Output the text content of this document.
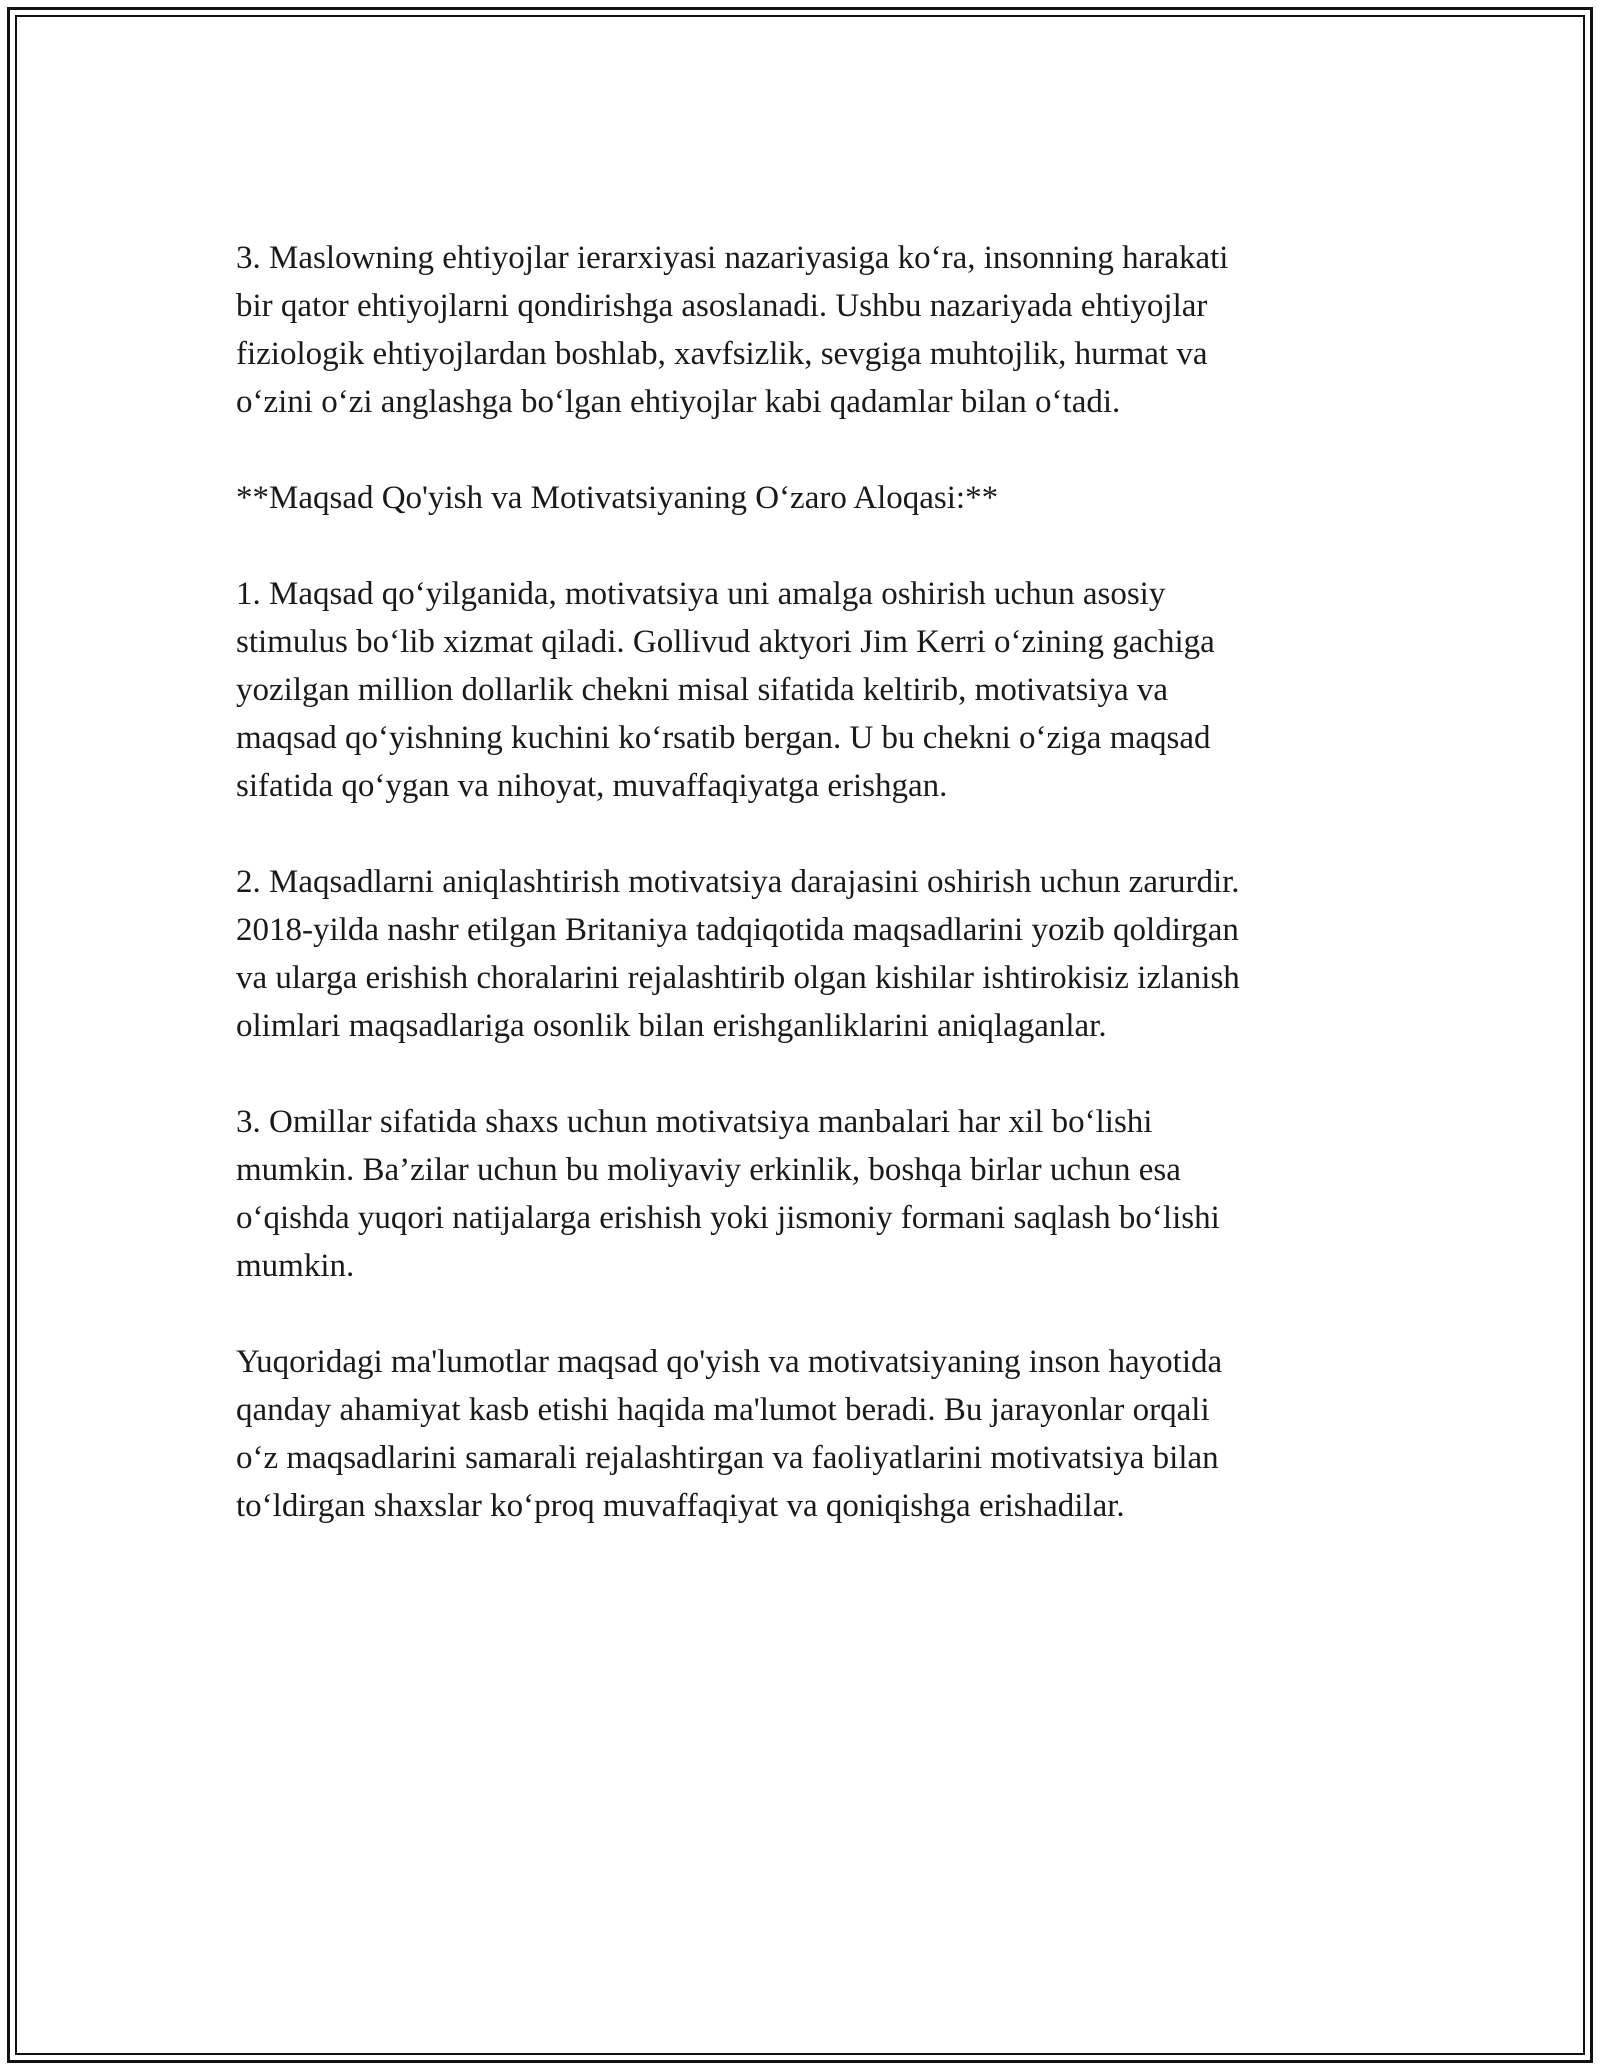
3. Maslowning ehtiyojlar ierarxiyasi nazariyasiga ko‘ra, insonning harakati
bir qator ehtiyojlarni qondirishga asoslanadi. Ushbu nazariyada ehtiyojlar
fiziologik ehtiyojlardan boshlab, xavfsizlik, sevgiga muhtojlik, hurmat va
o‘zini o‘zi anglashga bo‘lgan ehtiyojlar kabi qadamlar bilan o‘tadi.

**Maqsad Qo'yish va Motivatsiyaning O‘zaro Aloqasi:**

1. Maqsad qo‘yilganida, motivatsiya uni amalga oshirish uchun asosiy
stimulus bo‘lib xizmat qiladi. Gollivud aktyori Jim Kerri o‘zining gachiga
yozilgan million dollarlik chekni misal sifatida keltirib, motivatsiya va
maqsad qo‘yishning kuchini ko‘rsatib bergan. U bu chekni o‘ziga maqsad
sifatida qo‘ygan va nihoyat, muvaffaqiyatga erishgan.

2. Maqsadlarni aniqlashtirish motivatsiya darajasini oshirish uchun zarurdir.
2018-yilda nashr etilgan Britaniya tadqiqotida maqsadlarini yozib qoldirgan
va ularga erishish choralarini rejalashtirib olgan kishilar ishtirokisiz izlanish
olimlari maqsadlariga osonlik bilan erishganliklarini aniqlaganlar.

3. Omillar sifatida shaxs uchun motivatsiya manbalari har xil bo‘lishi
mumkin. Ba’zilar uchun bu moliyaviy erkinlik, boshqa birlar uchun esa
o‘qishda yuqori natijalarga erishish yoki jismoniy formani saqlash bo‘lishi
mumkin.

Yuqoridagi ma'lumotlar maqsad qo'yish va motivatsiyaning inson hayotida
qanday ahamiyat kasb etishi haqida ma'lumot beradi. Bu jarayonlar orqali
o‘z maqsadlarini samarali rejalashtirgan va faoliyatlarini motivatsiya bilan
to‘ldirgan shaxslar ko‘proq muvaffaqiyat va qoniqishga erishadilar.
